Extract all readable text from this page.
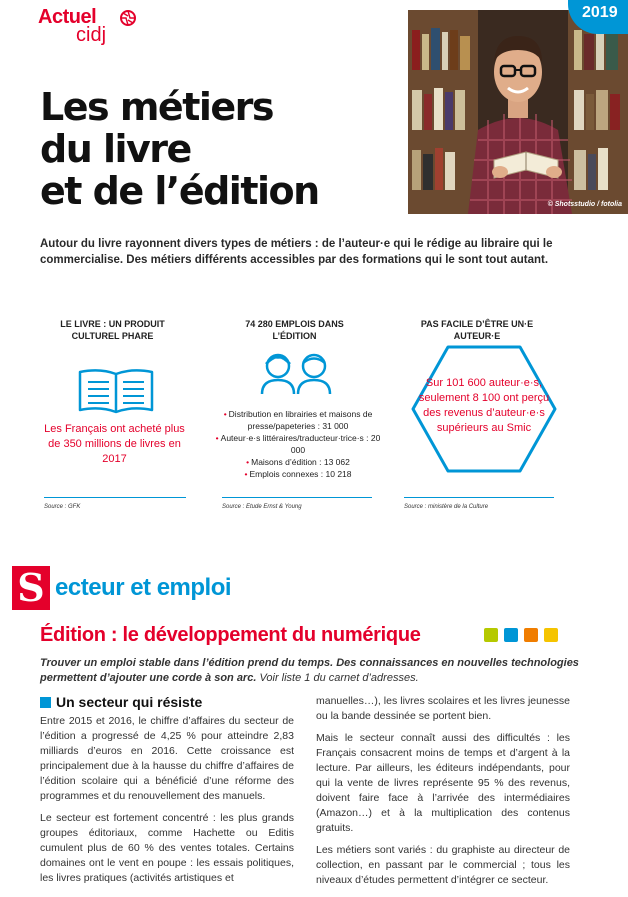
Actuel
cidj
© Shotsstudio / fotolia
2019
Les métiers
du livre
et de l’édition
Autour du livre rayonnent divers types de métiers : de l’auteur·e qui le rédige au libraire qui le commercialise. Des métiers différents accessibles par des formations qui le sont tout autant.
LE LIVRE : UN PRODUIT CULTUREL PHARE
Les Français ont acheté plus de 350 millions de livres en 2017
74 280 EMPLOIS DANS L’ÉDITION
• Distribution en librairies et maisons de presse/papeteries : 31 000
• Auteur·e·s littéraires/traducteur·trice·s : 20 000
• Maisons d’édition : 13 062
• Emplois connexes : 10 218
PAS FACILE D’ÊTRE UN·E AUTEUR·E
Sur 101 600 auteur·e·s, seulement 8 100 ont perçu des revenus d’auteur·e·s supérieurs au Smic
Source : GFK	Source : Etude Ernst & Young	Source : ministère de la Culture
S ecteur et emploi
Édition : le développement du numérique
Trouver un emploi stable dans l’édition prend du temps. Des connaissances en nouvelles technologies permettent d’ajouter une corde à son arc. Voir liste 1 du carnet d’adresses.
Un secteur qui résiste

Entre 2015 et 2016, le chiffre d’affaires du secteur de l’édition a progressé de 4,25 % pour atteindre 2,83 milliards d’euros en 2016. Cette croissance est principalement due à la hausse du chiffre d’affaires de l’édition scolaire qui a bénéficié d’une réforme des programmes et du renouvellement des manuels.

Le secteur est fortement concentré : les plus grands groupes éditoriaux, comme Hachette ou Editis cumulent plus de 60 % des ventes totales. Certains domaines ont le vent en poupe : les essais politiques, les livres pratiques (activités artistiques et

manuelles…), les livres scolaires et les livres jeunesse ou la bande dessinée se portent bien.

Mais le secteur connaît aussi des difficultés : les Français consacrent moins de temps et d’argent à la lecture. Par ailleurs, les éditeurs indépendants, pour qui la vente de livres représente 95 % des revenus, doivent faire face à l’arrivée des intermédiaires (Amazon…) et à la multiplication des contenus gratuits.

Les métiers sont variés : du graphiste au directeur de collection, en passant par le commercial ; tous les niveaux d’études permettent d’intégrer ce secteur.
